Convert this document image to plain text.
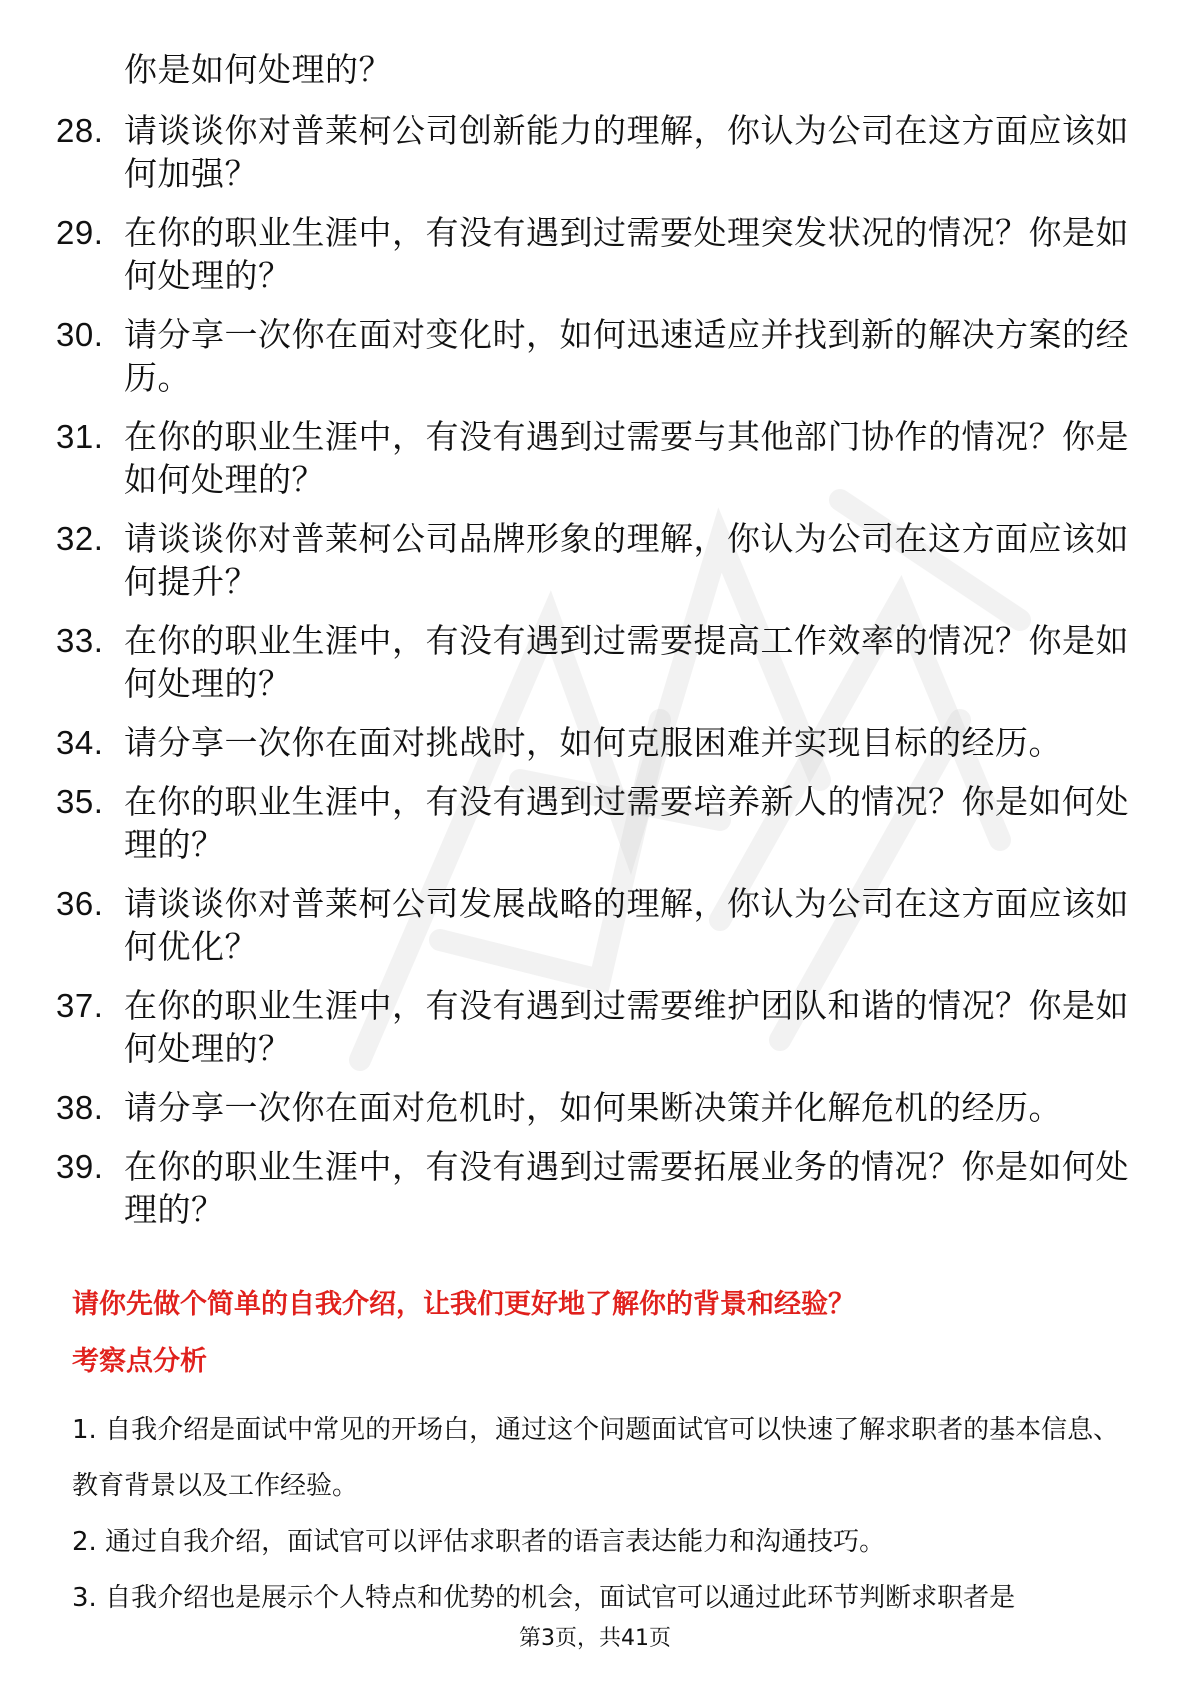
你是如何处理的？
28. 请谈谈你对普莱柯公司创新能力的理解，你认为公司在这方面应该如何加强？
29. 在你的职业生涯中，有没有遇到过需要处理突发状况的情况？你是如何处理的？
30. 请分享一次你在面对变化时，如何迅速适应并找到新的解决方案的经历。
31. 在你的职业生涯中，有没有遇到过需要与其他部门协作的情况？你是如何处理的？
32. 请谈谈你对普莱柯公司品牌形象的理解，你认为公司在这方面应该如何提升？
33. 在你的职业生涯中，有没有遇到过需要提高工作效率的情况？你是如何处理的？
34. 请分享一次你在面对挑战时，如何克服困难并实现目标的经历。
35. 在你的职业生涯中，有没有遇到过需要培养新人的情况？你是如何处理的？
36. 请谈谈你对普莱柯公司发展战略的理解，你认为公司在这方面应该如何优化？
37. 在你的职业生涯中，有没有遇到过需要维护团队和谐的情况？你是如何处理的？
38. 请分享一次你在面对危机时，如何果断决策并化解危机的经历。
39. 在你的职业生涯中，有没有遇到过需要拓展业务的情况？你是如何处理的？

请你先做个简单的自我介绍，让我们更好地了解你的背景和经验？

考察点分析

1. 自我介绍是面试中常见的开场白，通过这个问题面试官可以快速了解求职者的基本信息、教育背景以及工作经验。

2. 通过自我介绍，面试官可以评估求职者的语言表达能力和沟通技巧。

3. 自我介绍也是展示个人特点和优势的机会，面试官可以通过此环节判断求职者是

第3页，共41页
